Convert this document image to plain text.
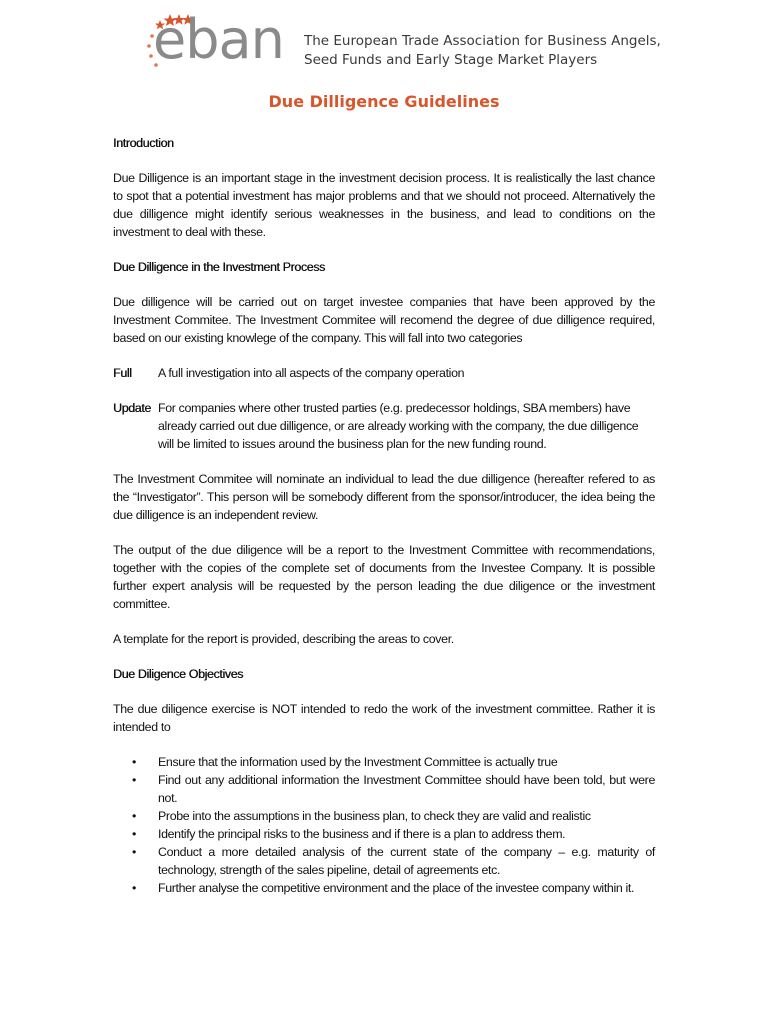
eban The European Trade Association for Business Angels,
Seed Funds and Early Stage Market Players
Due Dilligence Guidelines
Introduction

Due Dilligence is an important stage in the investment decision process. It is realistically the last chance to spot that a potential investment has major problems and that we should not proceed. Alternatively the due dilligence might identify serious weaknesses in the business, and lead to conditions on the investment to deal with these.

Due Dilligence in the Investment Process

Due dilligence will be carried out on target investee companies that have been approved by the Investment Commitee. The Investment Commitee will recomend the degree of due dilligence required, based on our existing knowlege of the company. This will fall into two categories

Full	A full investigation into all aspects of the company operation
Update For companies where other trusted parties (e.g. predecessor holdings, SBA members) have already carried out due dilligence, or are already working with the company, the due dilligence will be limited to issues around the business plan for the new funding round.

The Investment Commitee will nominate an individual to lead the due dilligence (hereafter refered to as the “Investigator”. This person will be somebody different from the sponsor/introducer, the idea being the due dilligence is an independent review.

The output of the due diligence will be a report to the Investment Committee with recommendations, together with the copies of the complete set of documents from the Investee Company. It is possible further expert analysis will be requested by the person leading the due diligence or the investment committee.

A template for the report is provided, describing the areas to cover.

Due Diligence Objectives

The due diligence exercise is NOT intended to redo the work of the investment committee. Rather it is intended to

• Ensure that the information used by the Investment Committee is actually true
• Find out any additional information the Investment Committee should have been told, but were not.
• Probe into the assumptions in the business plan, to check they are valid and realistic
• Identify the principal risks to the business and if there is a plan to address them.
• Conduct a more detailed analysis of the current state of the company – e.g. maturity of technology, strength of the sales pipeline, detail of agreements etc.
• Further analyse the competitive environment and the place of the investee company within it.
